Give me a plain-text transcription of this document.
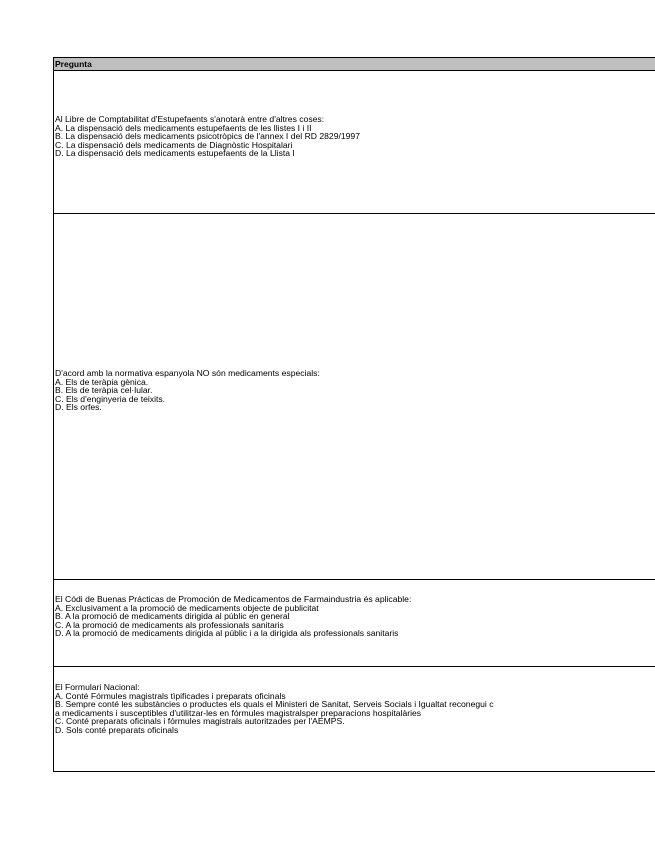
Pregunta
Al Libre de Comptabilitat d'Estupefaents s'anotarà entre d'altres coses:
A. La dispensació dels medicaments estupefaents de les llistes I i II
B. La dispensació dels medicaments psicotròpics de l'annex I del RD 2829/1997
C. La dispensació dels medicaments de Diagnòstic Hospitalari
D. La dispensació dels medicaments estupefaents de la Llista I
D'acord amb la normativa espanyola NO són medicaments especials:
A. Els de teràpia gènica.
B. Els de teràpia cel·lular.
C. Els d'enginyeria de teixits.
D. Els orfes.
El Códi de Buenas Prácticas de Promoción de Medicamentos de Farmaindustria és aplicable:
A. Exclusivament a la promoció de medicaments objecte de publicitat
B. A la promoció de medicaments dirigida al públic en general
C. A la promoció de medicaments als professionals sanitaris
D. A la promoció de medicaments dirigida al públic i a la dirigida als professionals sanitaris
El Formulari Nacional:
A. Conté Fórmules magistrals tìpificades i preparats oficinals
B. Sempre conté les substàncies o productes els quals el Ministeri de Sanitat, Serveis Socials i Igualtat reconegui c
a medicaments i susceptibles d'utilitzar-les en fórmules magistralsper preparacions hospitalàries
C. Conté preparats oficinals i fórmules magistrals autoritzades per l'AEMPS.
D. Sols conté preparats oficinals
